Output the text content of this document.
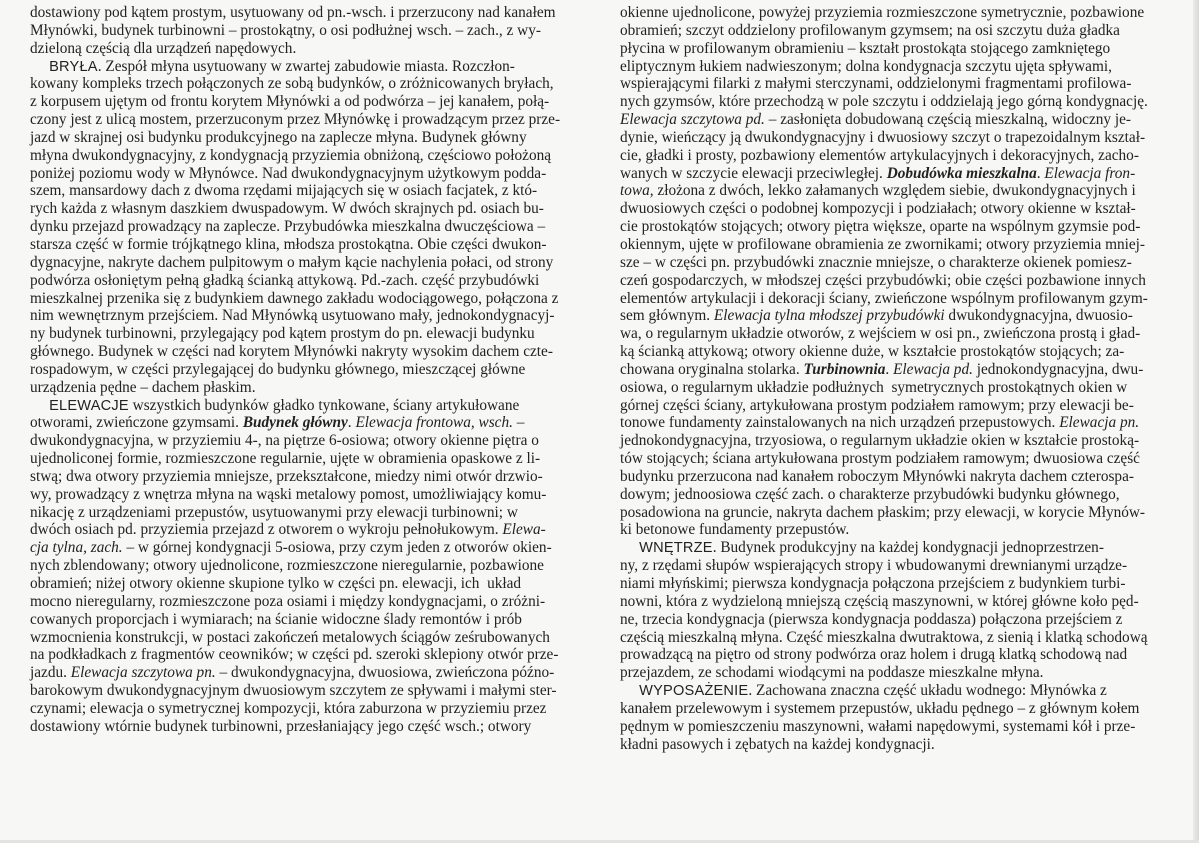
dostawiony pod kątem prostym, usytuowany od pn.-wsch. i przerzucony nad kanałem
Młynówki, budynek turbinowni – prostokątny, o osi podłużnej wsch. – zach., z wy-
dzieloną częścią dla urządzeń napędowych.
BRYŁA. Zespół młyna usytuowany w zwartej zabudowie miasta. Rozczłon-
kowany kompleks trzech połączonych ze sobą budynków, o zróżnicowanych bryłach,
z korpusem ujętym od frontu korytem Młynówki a od podwórza – jej kanałem, połą-
czony jest z ulicą mostem, przerzuconym przez Młynówkę i prowadzącym przez prze-
jazd w skrajnej osi budynku produkcyjnego na zaplecze młyna. Budynek główny
młyna dwukondygnacyjny, z kondygnacją przyziemia obniżoną, częściowo położoną
poniżej poziomu wody w Młynówce. Nad dwukondygnacyjnym użytkowym podda-
szem, mansardowy dach z dwoma rzędami mijających się w osiach facjatek, z któ-
rych każda z własnym daszkiem dwuspadowym. W dwóch skrajnych pd. osiach bu-
dynku przejazd prowadzący na zaplecze. Przybudówka mieszkalna dwuczęściowa –
starsza część w formie trójkątnego klina, młodsza prostokątna. Obie części dwukon-
dygnacyjne, nakryte dachem pulpitowym o małym kącie nachylenia połaci, od strony
podwórza osłoniętym pełną gładką ścianką attykową. Pd.-zach. część przybudówki
mieszkalnej przenika się z budynkiem dawnego zakładu wodociągowego, połączona z
nim wewnętrznym przejściem. Nad Młynówką usytuowano mały, jednokondygnacyj-
ny budynek turbinowni, przylegający pod kątem prostym do pn. elewacji budynku
głównego. Budynek w części nad korytem Młynówki nakryty wysokim dachem czte-
rospadowym, w części przylegającej do budynku głównego, mieszczącej główne
urządzenia pędne – dachem płaskim.
ELEWACJE wszystkich budynków gładko tynkowane, ściany artykułowane
otworami, zwieńczone gzymsami. Budynek główny. Elewacja frontowa, wsch. –
dwukondygnacyjna, w przyziemiu 4-, na piętrze 6-osiowa; otwory okienne piętra o
ujednoliconej formie, rozmieszczone regularnie, ujęte w obramienia opaskowe z li-
stwą; dwa otwory przyziemia mniejsze, przekształcone, miedzy nimi otwór drzwio-
wy, prowadzący z wnętrza młyna na wąski metalowy pomost, umożliwiający komu-
nikację z urządzeniami przepustów, usytuowanymi przy elewacji turbinowni; w
dwóch osiach pd. przyziemia przejazd z otworem o wykroju pełnołukowym. Elewa-
cja tylna, zach. – w górnej kondygnacji 5-osiowa, przy czym jeden z otworów okien-
nych zblendowany; otwory ujednolicone, rozmieszczone nieregularnie, pozbawione
obramień; niżej otwory okienne skupione tylko w części pn. elewacji, ich  układ
mocno nieregularny, rozmieszczone poza osiami i między kondygnacjami, o zróżni-
cowanych proporcjach i wymiarach; na ścianie widoczne ślady remontów i prób
wzmocnienia konstrukcji, w postaci zakończeń metalowych ściągów ześrubowanych
na podkładkach z fragmentów ceowników; w części pd. szeroki sklepiony otwór prze-
jazdu. Elewacja szczytowa pn. – dwukondygnacyjna, dwuosiowa, zwieńczona późno-
barokowym dwukondygnacyjnym dwuosiowym szczytem ze spływami i małymi ster-
czynami; elewacja o symetrycznej kompozycji, która zaburzona w przyziemiu przez
dostawiony wtórnie budynek turbinowni, przesłaniający jego część wsch.; otwory
okienne ujednolicone, powyżej przyziemia rozmieszczone symetrycznie, pozbawione
obramień; szczyt oddzielony profilowanym gzymsem; na osi szczytu duża gładka
płycina w profilowanym obramieniu – kształt prostokąta stojącego zamkniętego
eliptycznym łukiem nadwieszonym; dolna kondygnacja szczytu ujęta spływami,
wspierającymi filarki z małymi sterczynami, oddzielonymi fragmentami profilowa-
nych gzymsów, które przechodzą w pole szczytu i oddzielają jego górną kondygnację.
Elewacja szczytowa pd. – zasłonięta dobudowaną częścią mieszkalną, widoczny je-
dynie, wieńczący ją dwukondygnacyjny i dwuosiowy szczyt o trapezoidalnym kształ-
cie, gładki i prosty, pozbawiony elementów artykulacyjnych i dekoracyjnych, zacho-
wanych w szczycie elewacji przeciwległej. Dobudówka mieszkalna. Elewacja fron-
towa, złożona z dwóch, lekko załamanych względem siebie, dwukondygnacyjnych i
dwuosiowych części o podobnej kompozycji i podziałach; otwory okienne w kształ-
cie prostokątów stojących; otwory piętra większe, oparte na wspólnym gzymsie pod-
okiennym, ujęte w profilowane obramienia ze zwornikami; otwory przyziemia mniej-
sze – w części pn. przybudówki znacznie mniejsze, o charakterze okienek pomiesz-
czeń gospodarczych, w młodszej części przybudówki; obie części pozbawione innych
elementów artykulacji i dekoracji ściany, zwieńczone wspólnym profilowanym gzym-
sem głównym. Elewacja tylna młodszej przybudówki dwukondygnacyjna, dwuosio-
wa, o regularnym układzie otworów, z wejściem w osi pn., zwieńczona prostą i gład-
ką ścianką attykową; otwory okienne duże, w kształcie prostokątów stojących; za-
chowana oryginalna stolarka. Turbinownia. Elewacja pd. jednokondygnacyjna, dwu-
osiowa, o regularnym układzie podłużnych  symetrycznych prostokątnych okien w
górnej części ściany, artykułowana prostym podziałem ramowym; przy elewacji be-
tonowe fundamenty zainstalowanych na nich urządzeń przepustowych. Elewacja pn.
jednokondygnacyjna, trzyosiowa, o regularnym układzie okien w kształcie prostoką-
tów stojących; ściana artykułowana prostym podziałem ramowym; dwuosiowa część
budynku przerzucona nad kanałem roboczym Młynówki nakryta dachem czterospa-
dowym; jednoosiowa część zach. o charakterze przybudówki budynku głównego,
posadowiona na gruncie, nakryta dachem płaskim; przy elewacji, w korycie Młynów-
ki betonowe fundamenty przepustów.
WNĘTRZE. Budynek produkcyjny na każdej kondygnacji jednoprzestrzen-
ny, z rzędami słupów wspierających stropy i wbudowanymi drewnianymi urządze-
niami młyńskimi; pierwsza kondygnacja połączona przejściem z budynkiem turbi-
nowni, która z wydzieloną mniejszą częścią maszynowni, w której główne koło pęd-
ne, trzecia kondygnacja (pierwsza kondygnacja poddasza) połączona przejściem z
częścią mieszkalną młyna. Część mieszkalna dwutraktowa, z sienią i klatką schodową
prowadzącą na piętro od strony podwórza oraz holem i drugą klatką schodową nad
przejazdem, ze schodami wiodącymi na poddasze mieszkalne młyna.
WYPOSAŻENIE. Zachowana znaczna część układu wodnego: Młynówka z
kanałem przelewowym i systemem przepustów, układu pędnego – z głównym kołem
pędnym w pomieszczeniu maszynowni, wałami napędowymi, systemami kół i prze-
kładni pasowych i zębatych na każdej kondygnacji.
